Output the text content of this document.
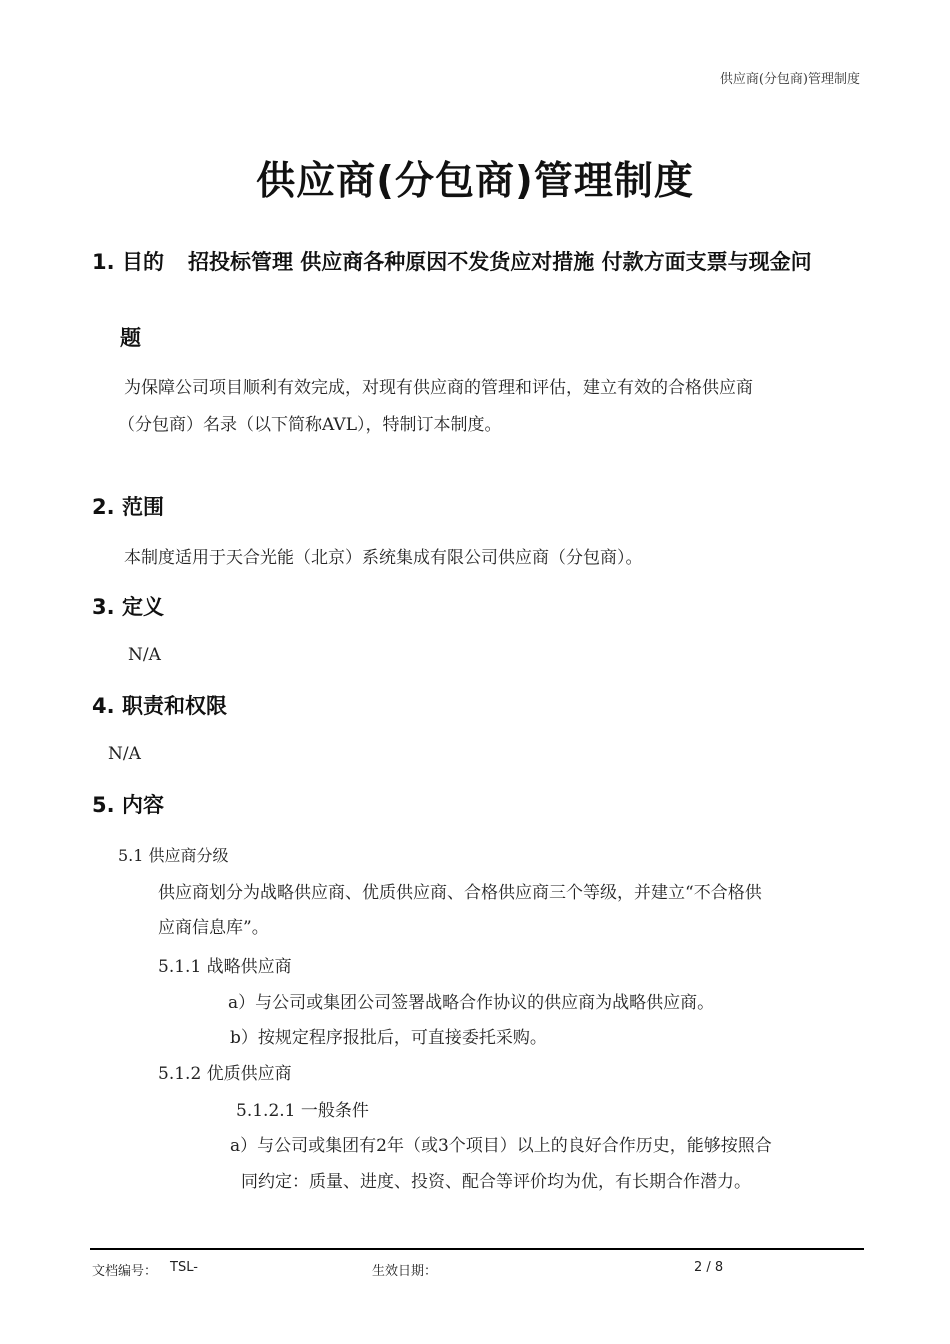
供应商(分包商)管理制度
供应商(分包商)管理制度
1. 目的 招投标管理 供应商各种原因不发货应对措施 付款方面支票与现金问
题
为保障公司项目顺利有效完成，对现有供应商的管理和评估，建立有效的合格供应商
（分包商）名录（以下简称AVL），特制订本制度。
2. 范围
本制度适用于天合光能（北京）系统集成有限公司供应商（分包商）。
3. 定义
N/A
4. 职责和权限
N/A
5. 内容
5.1 供应商分级
供应商划分为战略供应商、优质供应商、合格供应商三个等级，并建立“不合格供
应商信息库”。
5.1.1 战略供应商
a）与公司或集团公司签署战略合作协议的供应商为战略供应商。
b）按规定程序报批后，可直接委托采购。
5.1.2 优质供应商
5.1.2.1 一般条件
a）与公司或集团有2年（或3个项目）以上的良好合作历史，能够按照合
同约定：质量、进度、投资、配合等评价均为优，有长期合作潜力。
文档编号： TSL-	生效日期：	2 / 8
